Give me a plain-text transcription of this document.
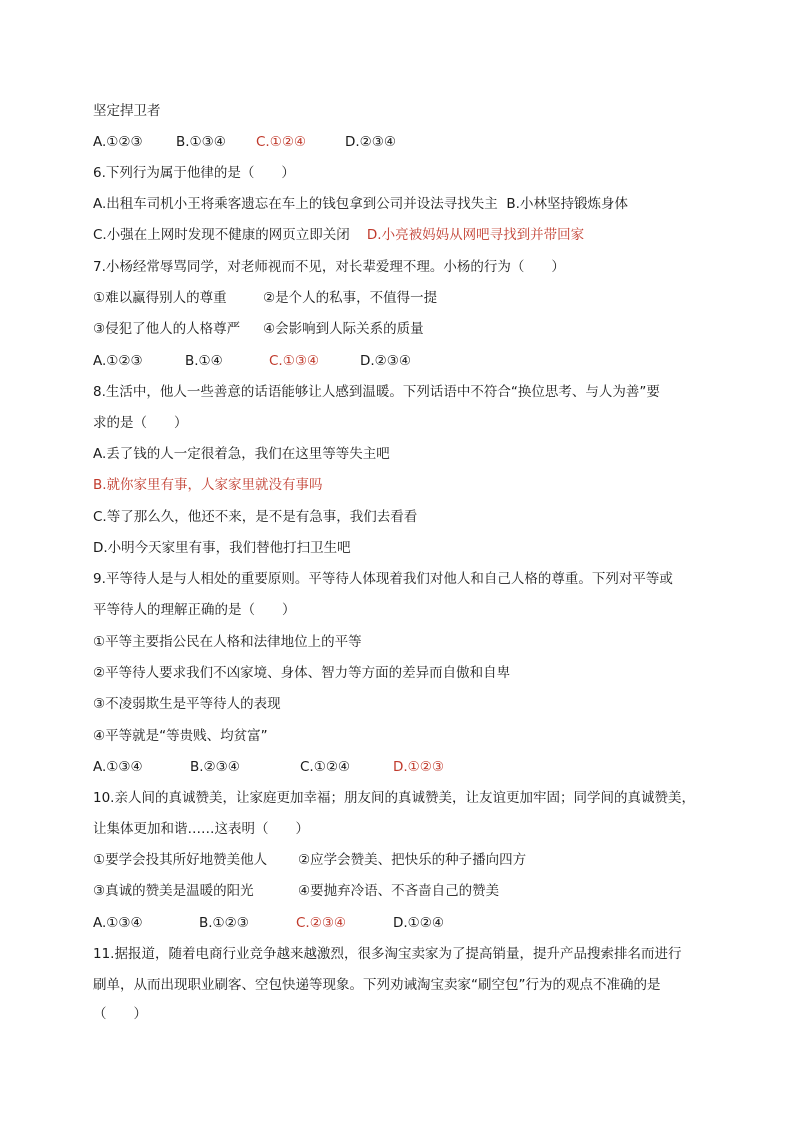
坚定捍卫者
A.①②③ B.①③④ C.①②④	D.②③④
6.下列行为属于他律的是（　　）
A.出租车司机小王将乘客遗忘在车上的钱包拿到公司并设法寻找失主 B.小林坚持锻炼身体
C.小强在上网时发现不健康的网页立即关闭 D.小亮被妈妈从网吧寻找到并带回家
7.小杨经常辱骂同学，对老师视而不见，对长辈爱理不理。小杨的行为（　　）
①难以赢得别人的尊重	②是个人的私事，不值得一提
③侵犯了他人的人格尊严 ④会影响到人际关系的质量
A.①②③	B.①④	C.①③④	D.②③④
8.生活中，他人一些善意的话语能够让人感到温暖。下列话语中不符合“换位思考、与人为善”要
求的是（　　）
A.丢了钱的人一定很着急，我们在这里等等失主吧
B.就你家里有事，人家家里就没有事吗
C.等了那么久，他还不来，是不是有急事，我们去看看
D.小明今天家里有事，我们替他打扫卫生吧
9.平等待人是与人相处的重要原则。平等待人体现着我们对他人和自己人格的尊重。下列对平等或
平等待人的理解正确的是（　　）
①平等主要指公民在人格和法律地位上的平等
②平等待人要求我们不凶家境、身体、智力等方面的差异而自傲和自卑
③不凌弱欺生是平等待人的表现
④平等就是“等贵贱、均贫富”
A.①③④	B.②③④	C.①②④	D.①②③
10.亲人间的真诚赞美，让家庭更加幸福；朋友间的真诚赞美，让友谊更加牢固；同学间的真诚赞美，
让集体更加和谐……这表明（　　）
①要学会投其所好地赞美他人 ②应学会赞美、把快乐的种子播向四方
③真诚的赞美是温暖的阳光	④要抛弃冷语、不吝啬自己的赞美
A.①③④	B.①②③	C.②③④	D.①②④
11.据报道，随着电商行业竞争越来越激烈，很多淘宝卖家为了提高销量，提升产品搜索排名而进行
刷单，从而出现职业刷客、空包快递等现象。下列劝诫淘宝卖家“刷空包”行为的观点不准确的是
（　　）
